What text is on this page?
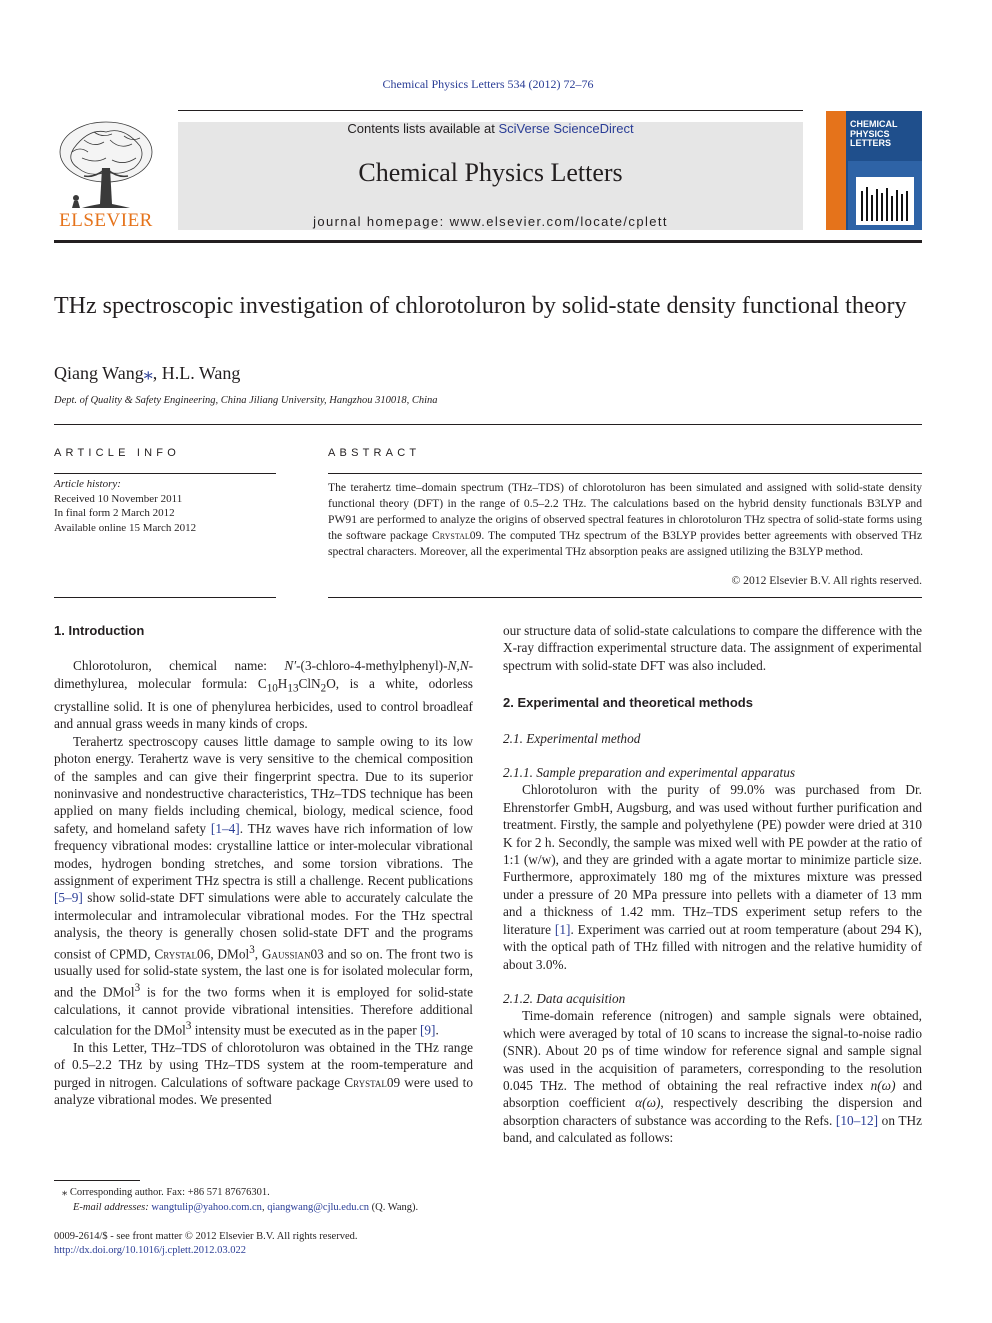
Chemical Physics Letters 534 (2012) 72–76
ELSEVIER
Contents lists available at SciVerse ScienceDirect
Chemical Physics Letters
journal homepage: www.elsevier.com/locate/cplett
CHEMICAL
PHYSICS
LETTERS
THz spectroscopic investigation of chlorotoluron by solid-state density functional theory
Qiang Wang⁎, H.L. Wang
Dept. of Quality & Safety Engineering, China Jiliang University, Hangzhou 310018, China
ARTICLE INFO
Article history:
Received 10 November 2011
In final form 2 March 2012
Available online 15 March 2012
ABSTRACT
The terahertz time–domain spectrum (THz–TDS) of chlorotoluron has been simulated and assigned with solid-state density functional theory (DFT) in the range of 0.5–2.2 THz. The calculations based on the hybrid density functionals B3LYP and PW91 are performed to analyze the origins of observed spectral features in chlorotoluron THz spectra of solid-state forms using the software package Crystal09. The computed THz spectrum of the B3LYP provides better agreements with observed THz spectral characters. Moreover, all the experimental THz absorption peaks are assigned utilizing the B3LYP method.
© 2012 Elsevier B.V. All rights reserved.
1. Introduction

Chlorotoluron, chemical name: N′-(3-chloro-4-methylphenyl)-N,N-dimethylurea, molecular formula: $C_{10}H_{13}ClN_2O$, is a white, odorless crystalline solid. It is one of phenylurea herbicides, used to control broadleaf and annual grass weeds in many kinds of crops.

Terahertz spectroscopy causes little damage to sample owing to its low photon energy. Terahertz wave is very sensitive to the chemical composition of the samples and can give their fingerprint spectra. Due to its superior noninvasive and nondestructive characteristics, THz–TDS technique has been applied on many fields including chemical, biology, medical science, food safety, and homeland safety [1–4]. THz waves have rich information of low frequency vibrational modes: crystalline lattice or inter-molecular vibrational modes, hydrogen bonding stretches, and some torsion vibrations. The assignment of experiment THz spectra is still a challenge. Recent publications [5–9] show solid-state DFT simulations were able to accurately calculate the intermolecular and intramolecular vibrational modes. For the THz spectral analysis, the theory is generally chosen solid-state DFT and the programs consist of CPMD, Crystal06, DMol$^3$, Gaussian03 and so on. The front two is usually used for solid-state system, the last one is for isolated molecular form, and the DMol$^3$ is for the two forms when it is employed for solid-state calculations, it cannot provide vibrational intensities. Therefore additional calculation for the DMol$^3$ intensity must be executed as in the paper [9].

In this Letter, THz–TDS of chlorotoluron was obtained in the THz range of 0.5–2.2 THz by using THz–TDS system at the room-temperature and purged in nitrogen. Calculations of software package Crystal09 were used to analyze vibrational modes. We presented

our structure data of solid-state calculations to compare the difference with the X-ray diffraction experimental structure data. The assignment of experimental spectrum with solid-state DFT was also included.

2. Experimental and theoretical methods
2.1. Experimental method
2.1.1. Sample preparation and experimental apparatus

Chlorotoluron with the purity of 99.0% was purchased from Dr. Ehrenstorfer GmbH, Augsburg, and was used without further purification and treatment. Firstly, the sample and polyethylene (PE) powder were dried at 310 K for 2 h. Secondly, the sample was mixed well with PE powder at the ratio of 1:1 (w/w), and they are grinded with a agate mortar to minimize particle size. Furthermore, approximately 180 mg of the mixtures mixture was pressed under a pressure of 20 MPa pressure into pellets with a diameter of 13 mm and a thickness of 1.42 mm. THz–TDS experiment setup refers to the literature [1]. Experiment was carried out at room temperature (about 294 K), with the optical path of THz filled with nitrogen and the relative humidity of about 3.0%.

2.1.2. Data acquisition

Time-domain reference (nitrogen) and sample signals were obtained, which were averaged by total of 10 scans to increase the signal-to-noise radio (SNR). About 20 ps of time window for reference signal and sample signal was used in the acquisition of parameters, corresponding to the resolution 0.045 THz. The method of obtaining the real refractive index n(ω) and absorption coefficient α(ω), respectively describing the dispersion and absorption characters of substance was according to the Refs. [10–12] on THz band, and calculated as follows:

⁎ Corresponding author. Fax: +86 571 87676301.
E-mail addresses: wangtulip@yahoo.com.cn, qiangwang@cjlu.edu.cn (Q. Wang).
0009-2614/$ - see front matter © 2012 Elsevier B.V. All rights reserved.
http://dx.doi.org/10.1016/j.cplett.2012.03.022
